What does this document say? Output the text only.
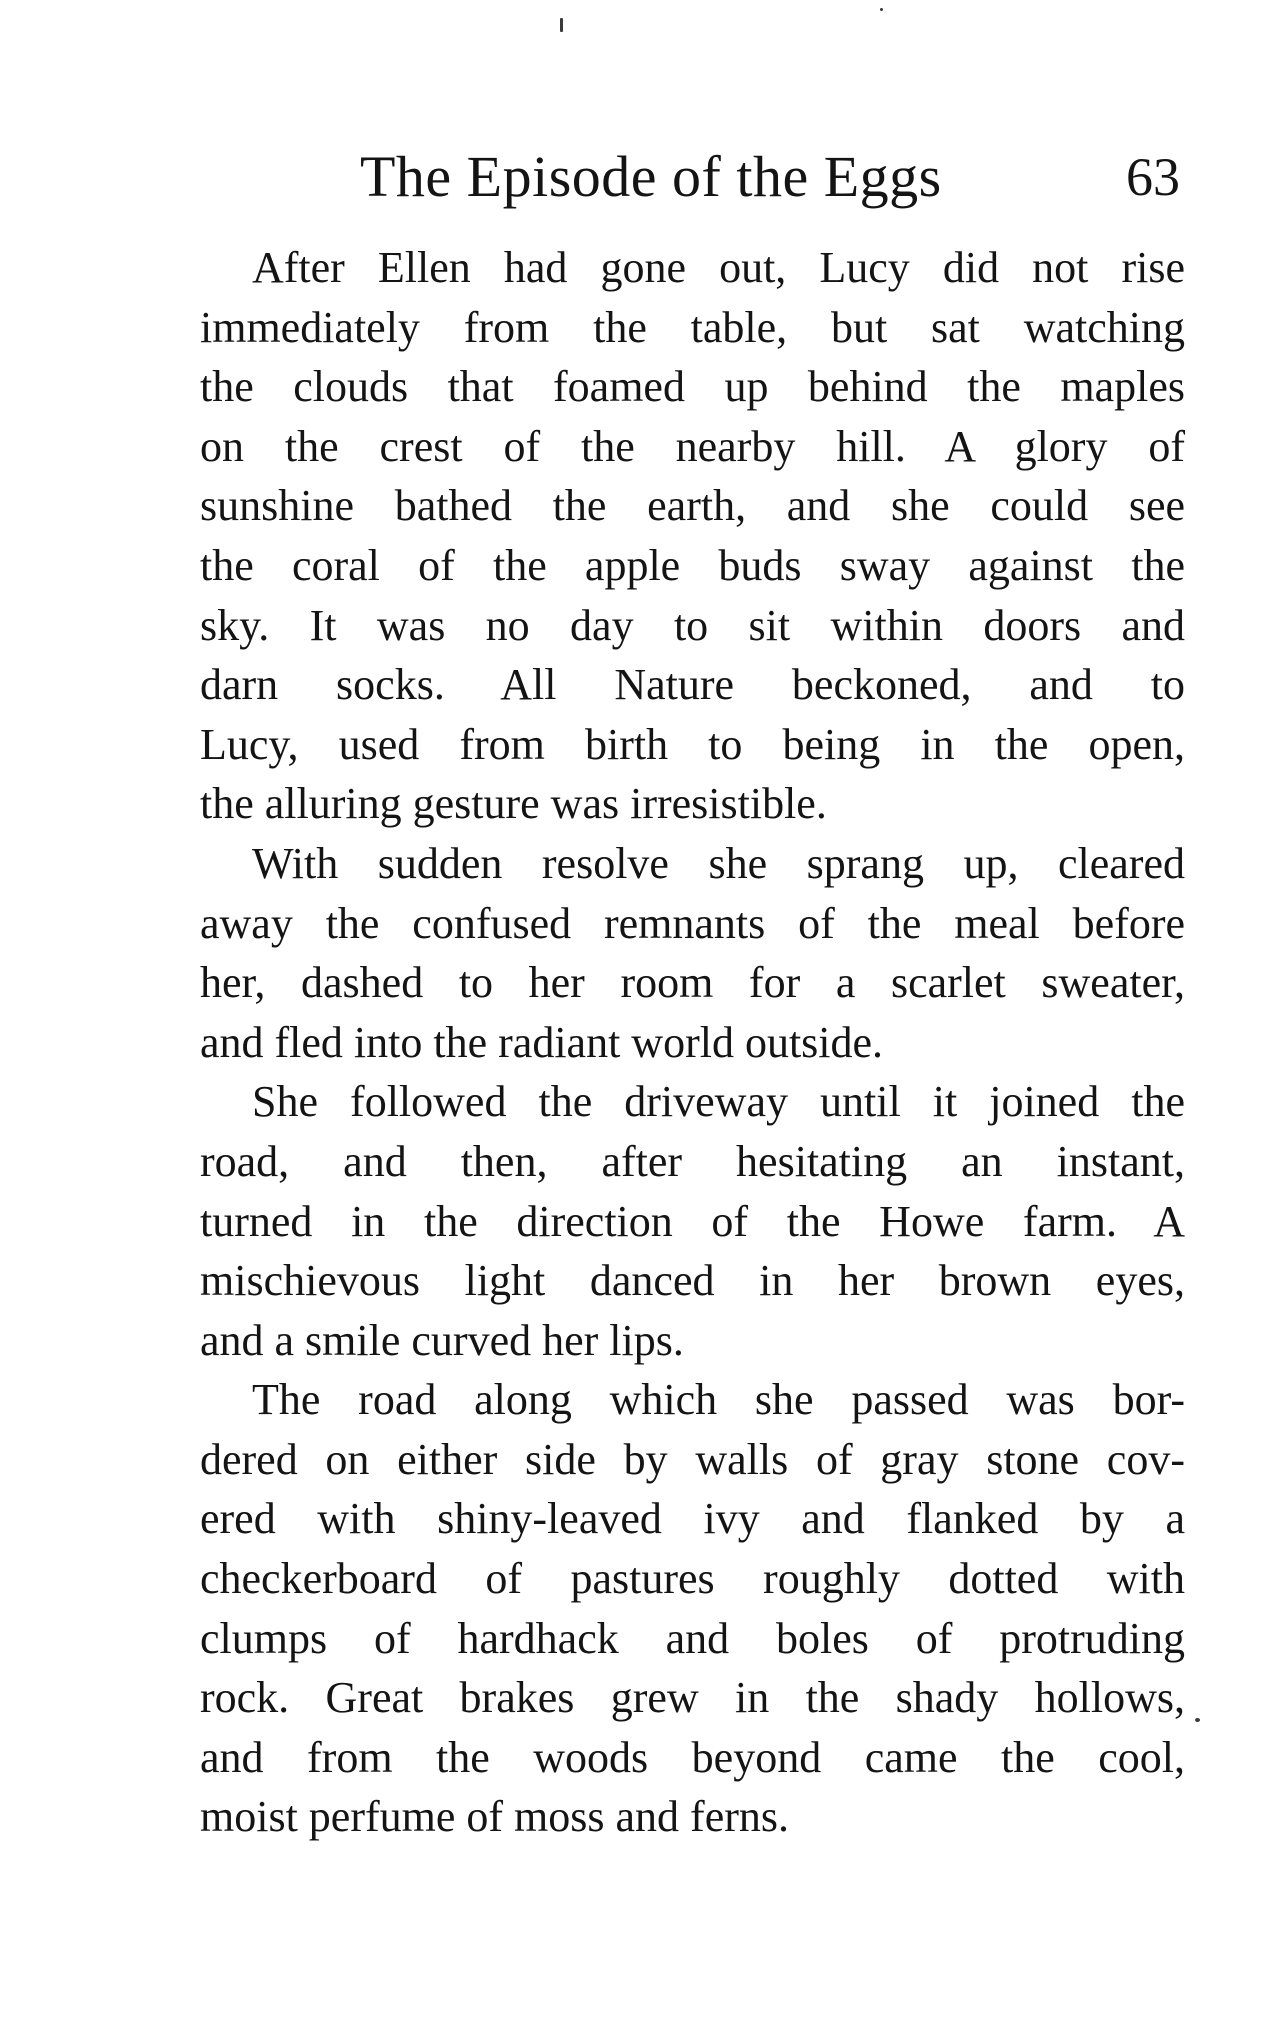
The Episode of the Eggs	63
After Ellen had gone out, Lucy did not rise
immediately from the table, but sat watching
the clouds that foamed up behind the maples
on the crest of the nearby hill. A glory of
sunshine bathed the earth, and she could see
the coral of the apple buds sway against the
sky. It was no day to sit within doors and
darn socks. All Nature beckoned, and to
Lucy, used from birth to being in the open,
the alluring gesture was irresistible.
With sudden resolve she sprang up, cleared
away the confused remnants of the meal before
her, dashed to her room for a scarlet sweater,
and fled into the radiant world outside.
She followed the driveway until it joined the
road, and then, after hesitating an instant,
turned in the direction of the Howe farm. A
mischievous light danced in her brown eyes,
and a smile curved her lips.
The road along which she passed was bor-
dered on either side by walls of gray stone cov-
ered with shiny-leaved ivy and flanked by a
checkerboard of pastures roughly dotted with
clumps of hardhack and boles of protruding
rock. Great brakes grew in the shady hollows,
and from the woods beyond came the cool,
moist perfume of moss and ferns.
